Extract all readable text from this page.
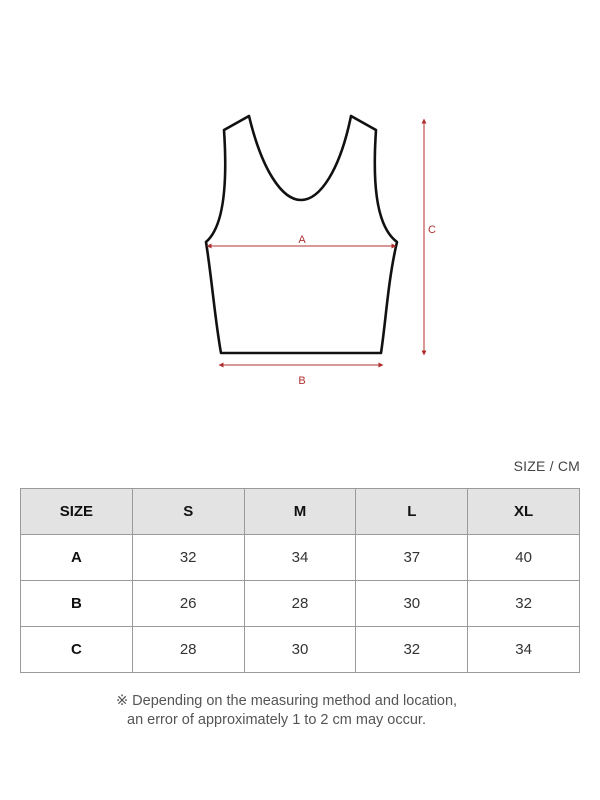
A
B
C
SIZE / CM
SIZE	S	M	L	XL
A	32	34	37	40
B	26	28	30	32
C	28	30	32	34
※ Depending on the measuring method and location,
an error of approximately 1 to 2 cm may occur.
